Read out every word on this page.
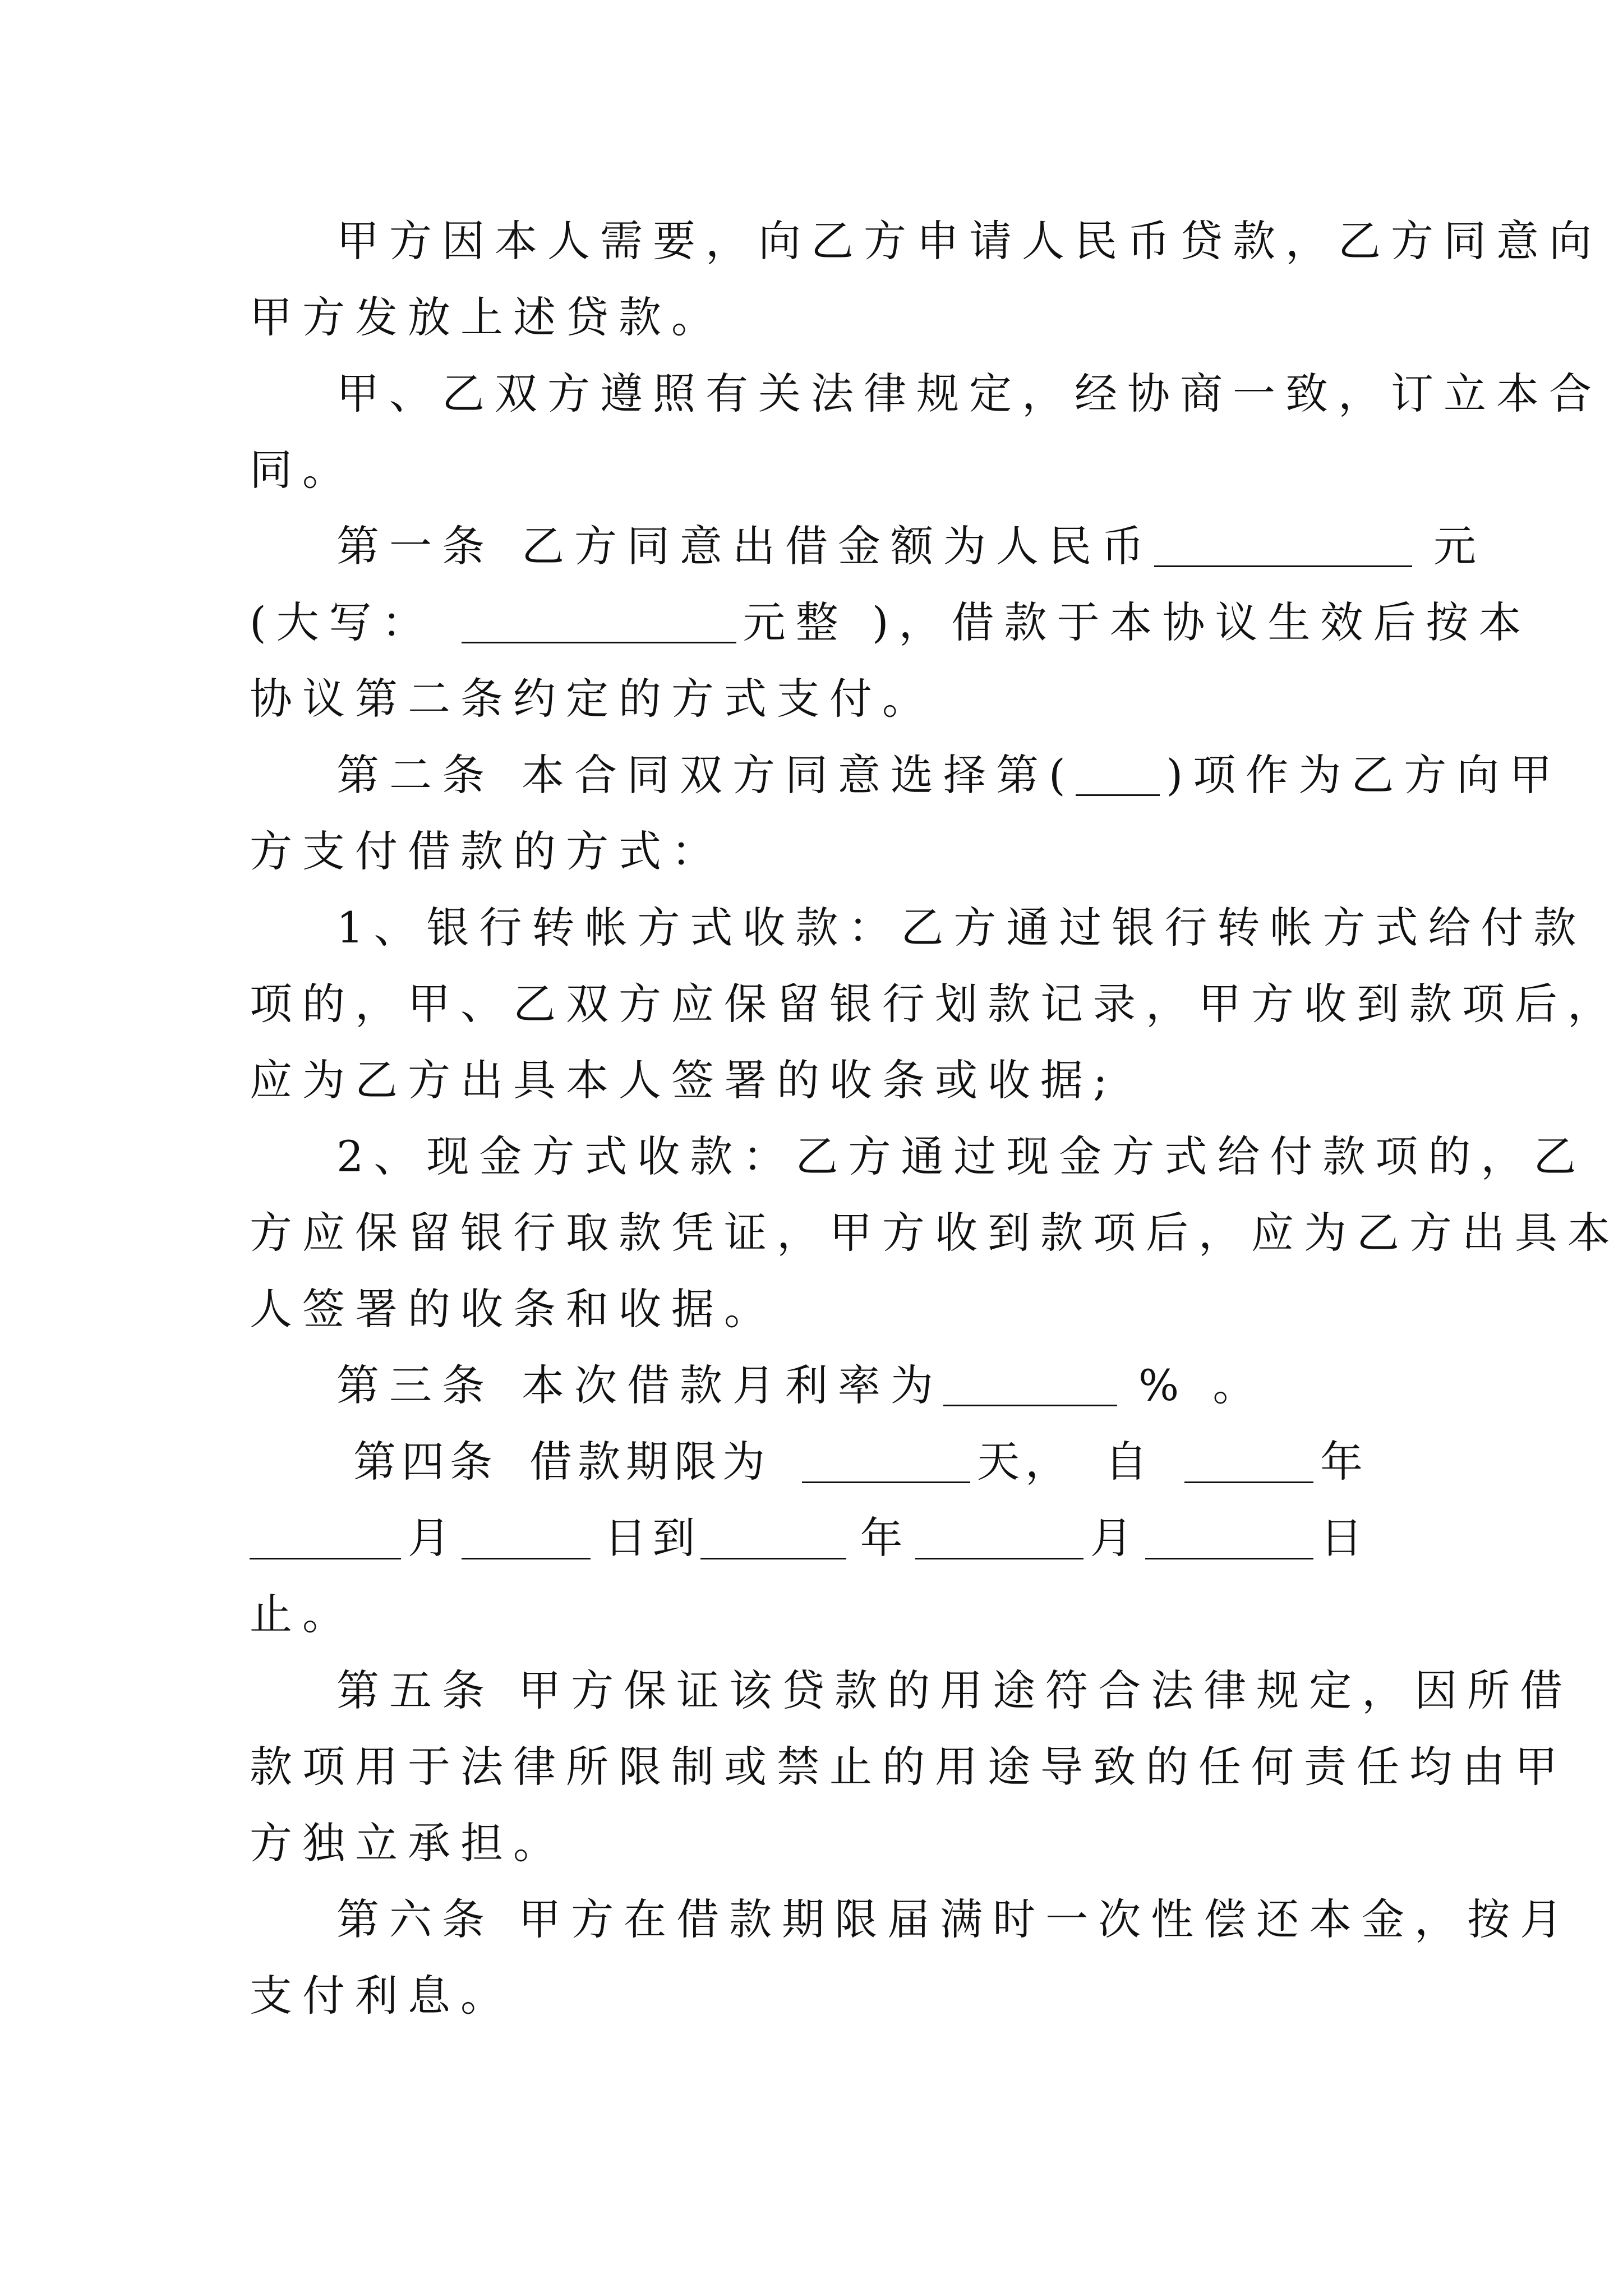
甲方因本人需要，向乙方申请人民币贷款，乙方同意向
甲方发放上述贷款。
甲、乙双方遵照有关法律规定，经协商一致，订立本合
同。
第一条 乙方同意出借金额为人民币	元
(大写：	元整 )，借款于本协议生效后按本
协议第二条约定的方式支付。
第二条 本合同双方同意选择第( )项作为乙方向甲
方支付借款的方式：
1、银行转帐方式收款：乙方通过银行转帐方式给付款
项的，甲、乙双方应保留银行划款记录，甲方收到款项后，
应为乙方出具本人签署的收条或收据;
2、现金方式收款：乙方通过现金方式给付款项的，乙
方应保留银行取款凭证，甲方收到款项后，应为乙方出具本
人签署的收条和收据。
第三条 本次借款月利率为	% 。
第四条 借款期限为	天， 自	年
月	日到	年	月	日
止。
第五条 甲方保证该贷款的用途符合法律规定，因所借
款项用于法律所限制或禁止的用途导致的任何责任均由甲
方独立承担。
第六条 甲方在借款期限届满时一次性偿还本金，按月
支付利息。
